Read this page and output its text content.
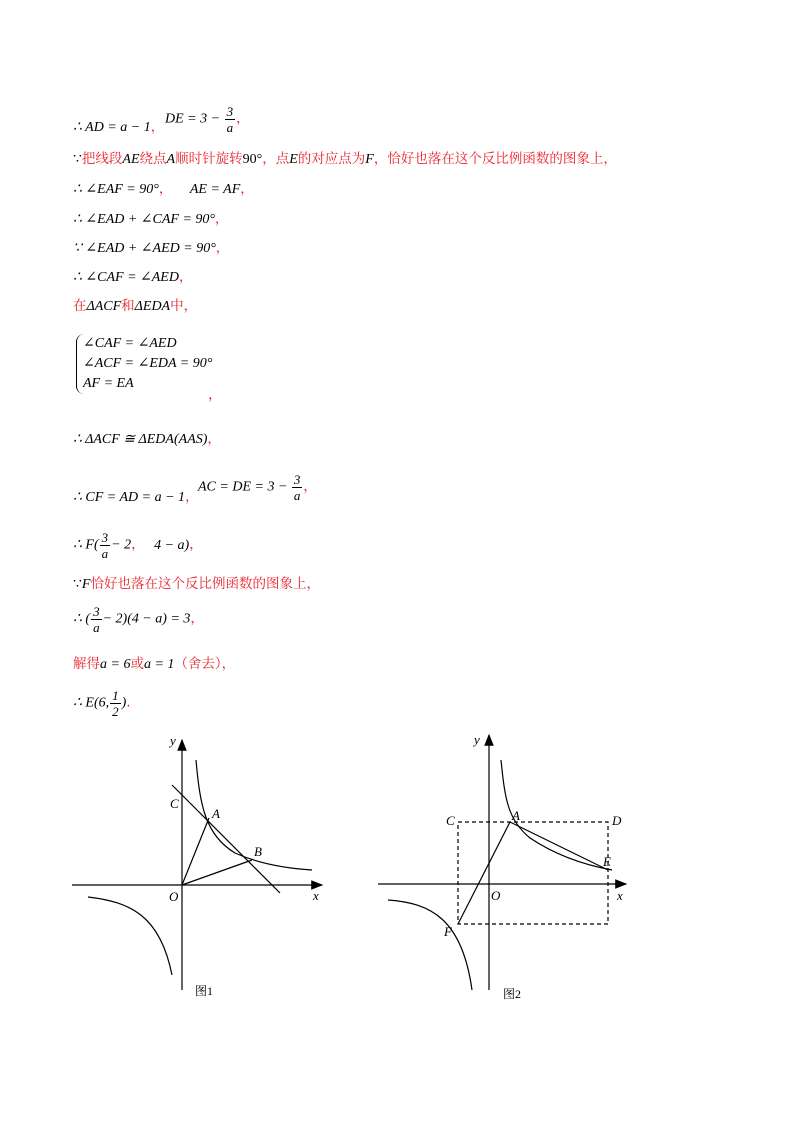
∴ AD = a − 1， DE = $3 - \frac{3}{a}$ ，
∵把线段AE绕点A顺时针旋转90°，点E的对应点为F，恰好也落在这个反比例函数的图象上，
∴ ∠EAF = 90°， AE = AF，
∴ ∠EAD + ∠CAF = 90°，
∵ ∠EAD + ∠AED = 90°，
∴ ∠CAF = ∠AED，
在ΔACF和ΔEDA中，
∠CAF = ∠AED
∠ACF = ∠EDA = 90°
AF = EA
，
∴ ΔACF ≅ ΔEDA(AAS)，
∴ CF = AD = a − 1，
AC = DE = $3 - \frac{3}{a}$ ，
∴ $F( \frac{3}{a} - 2$， 4 − a)，
∵F恰好也落在这个反比例函数的图象上，
∴ ( $\frac{3}{a} - 2)(4 - a) = 3$，
解得a = 6或a = 1（舍去），
∴ E(6, $\frac{1}{2}$ ).
y
x
O
C
A
B
图1
y
x
O
C	A	D
E
F
图2
